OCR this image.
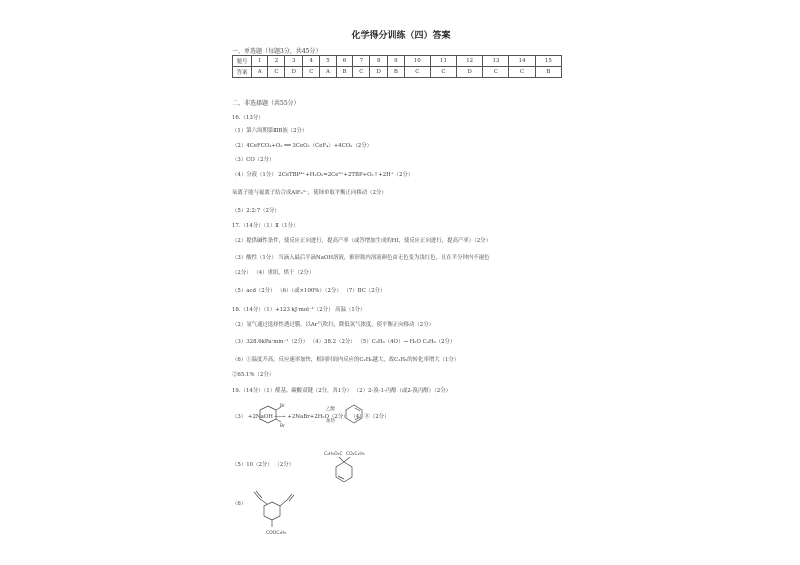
化学得分训练（四）答案
一、单选题（每题3分，共45分）
题号	1	2	3	4	5	6	7	8	9	10	11	12	13	14	15
答案	A	C	D	C	A	B	C	D	B	C	C	D	C	C	B
二、非选择题（共55分）
16.（13分）
（1）第六周期第ⅢB族（2分）
（2）4CeFCO₃+O₂ ══ 3CeO₂（CeF₄）+4CO₂（2分）
（3）CO（2分）
（4）分液（1分） 2CeTBP⁴⁺+H₂O₂=2Ce³⁺+2TBP+O₂↑+2H⁺（2分）
氧离子能与氟离子结合成AlF₆³⁻，使铈单取平衡正向移动（2分）
（5）2:2:7（2分）
17.（14分）（1）Ⅱ（1分）
（2）提供碱性条件，使反应正向进行，提高产率（或答增加生成的HI，使反应正向进行，提高产率）（2分）
（3）酸性（1分） 当滴入最后半滴NaOH溶液，锥形瓶内溶液颜色由无色变为浅红色，且在半分钟内不褪色
（2分） （4）重组，烘干（2分）
（5）acd（2分） （6）（或×100%）（2分） （7）BC（2分）
18.（14分）（1）+123 kJ·mol⁻¹（2分） 高温（1分）
（2）氢气通过选择性透过膜，以Ar气吹扫，降低氢气浓度，使平衡正向移动（2分）
（3）328.6kPa·min⁻¹（2分） （4）38.2（2分） （5）C₂H₆（4O）→ H₂O C₂H₆（2分）
（6）①温度升高，反应速率加快，相同时间内反应的C₂H₆越大，故C₂H₆的转化率增大（1分）
②65.1%（2分）
19.（14分）（1）醛基、碳酸双键（2分，各1分） （2）2-溴-1-丙醇（或2-溴丙醇）（2分）
（3） +2NaOH ──→ +2NaBr+2H₂O（2分） （4）⑧（2分）
（5）10（2分） （2分）
（6）
Br
Br
乙醇
加热
C₂H₅O₂C CO₂C₂H₅
COOC₂H₅
